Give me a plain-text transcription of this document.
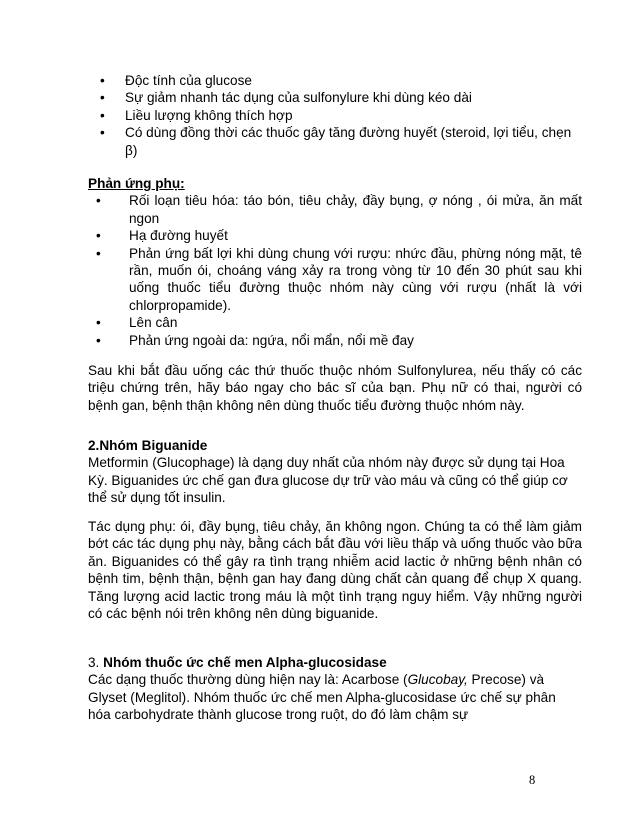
• Độc tính của glucose

• Sự giảm nhanh tác dụng của sulfonylure khi dùng kéo dài

• Liều lượng không thích hợp

• Có dùng đồng thời các thuốc gây tăng đường huyết (steroid, lợi tiểu, chẹn β)

Phản ứng phụ:

• Rối loạn tiêu hóa: táo bón, tiêu chảy, đầy bụng, ợ nóng , ói mửa, ăn mất ngon

• Hạ đường huyết

• Phản ứng bất lợi khi dùng chung với rượu: nhức đầu, phừng nóng mặt, tê rần, muốn ói, choáng váng xảy ra trong vòng từ 10 đến 30 phút sau khi uống thuốc tiểu đường thuộc nhóm này cùng với rượu (nhất là với chlorpropamide).

• Lên cân

• Phản ứng ngoài da: ngứa, nổi mẩn, nổi mề đay

Sau khi bắt đầu uống các thứ thuốc thuộc nhóm Sulfonylurea, nếu thấy có các triệu chứng trên, hãy báo ngay cho bác sĩ của bạn. Phụ nữ có thai, người có bệnh gan, bệnh thận không nên dùng thuốc tiểu đường thuộc nhóm này.

2.Nhóm Biguanide

Metformin (Glucophage) là dạng duy nhất của nhóm này được sử dụng tại Hoa Kỳ. Biguanides ức chế gan đưa glucose dự trữ vào máu và cũng có thể giúp cơ thể sử dụng tốt insulin.

Tác dụng phụ: ói, đầy bụng, tiêu chảy, ăn không ngon. Chúng ta có thể làm giảm bớt các tác dụng phụ này, bằng cách bắt đầu với liều thấp và uống thuốc vào bữa ăn. Biguanides có thể gây ra tình trạng nhiễm acid lactic ở những bệnh nhân có bệnh tim, bệnh thận, bệnh gan hay đang dùng chất cản quang để chụp X quang. Tăng lượng acid lactic trong máu là một tình trạng nguy hiểm. Vậy những người có các bệnh nói trên không nên dùng biguanide.

3. Nhóm thuốc ức chế men Alpha-glucosidase

Các dạng thuốc thường dùng hiện nay là: Acarbose (Glucobay, Precose) và Glyset (Meglitol). Nhóm thuốc ức chế men Alpha-glucosidase ức chế sự phân hóa carbohydrate thành glucose trong ruột, do đó làm chậm sự

8
